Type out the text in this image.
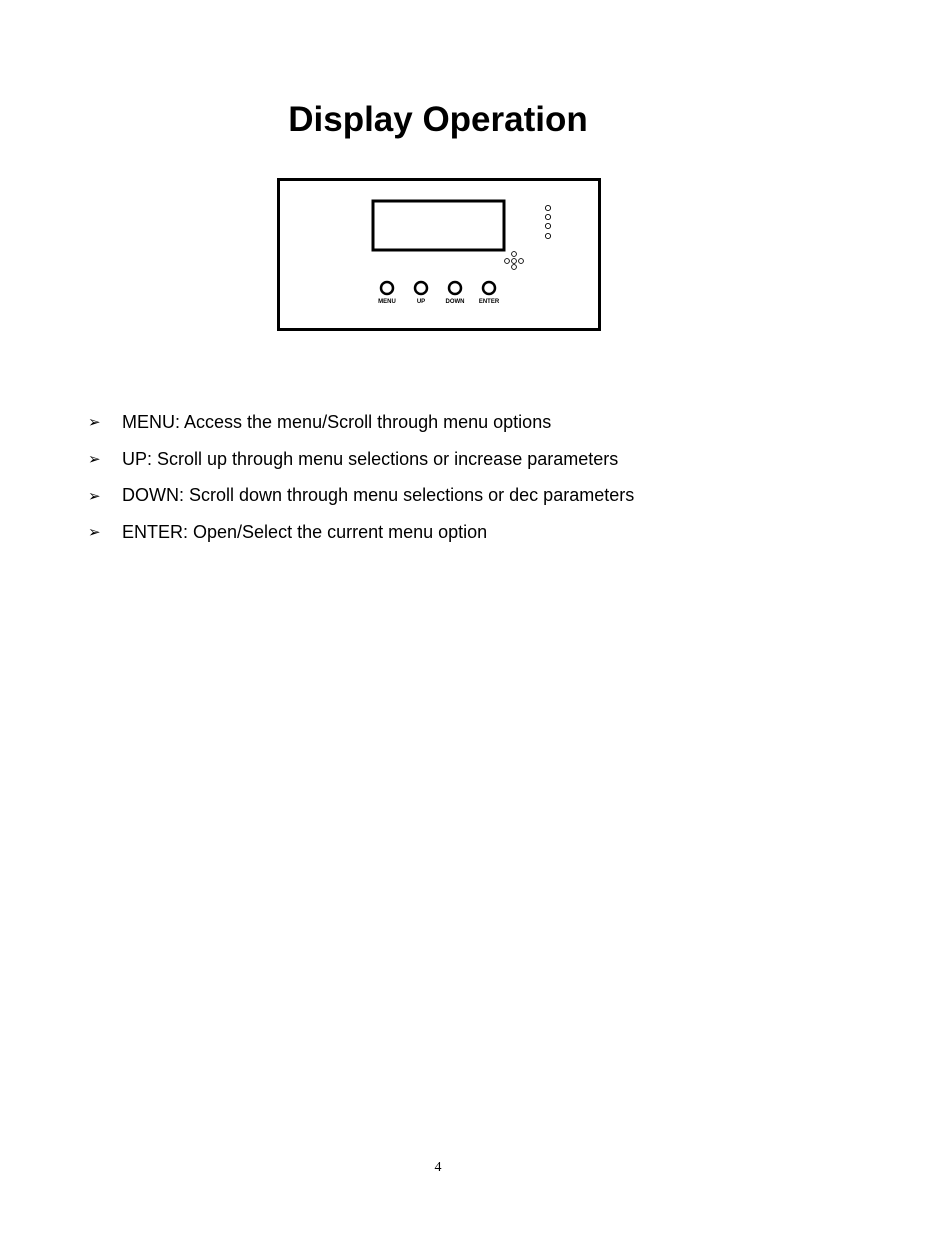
Display Operation
MENU	UP	DOWN ENTER
➢	MENU: Access the menu/Scroll through menu options
➢	UP: Scroll up through menu selections or increase parameters
➢	DOWN: Scroll down through menu selections or dec parameters
➢	ENTER: Open/Select the current menu option
4
